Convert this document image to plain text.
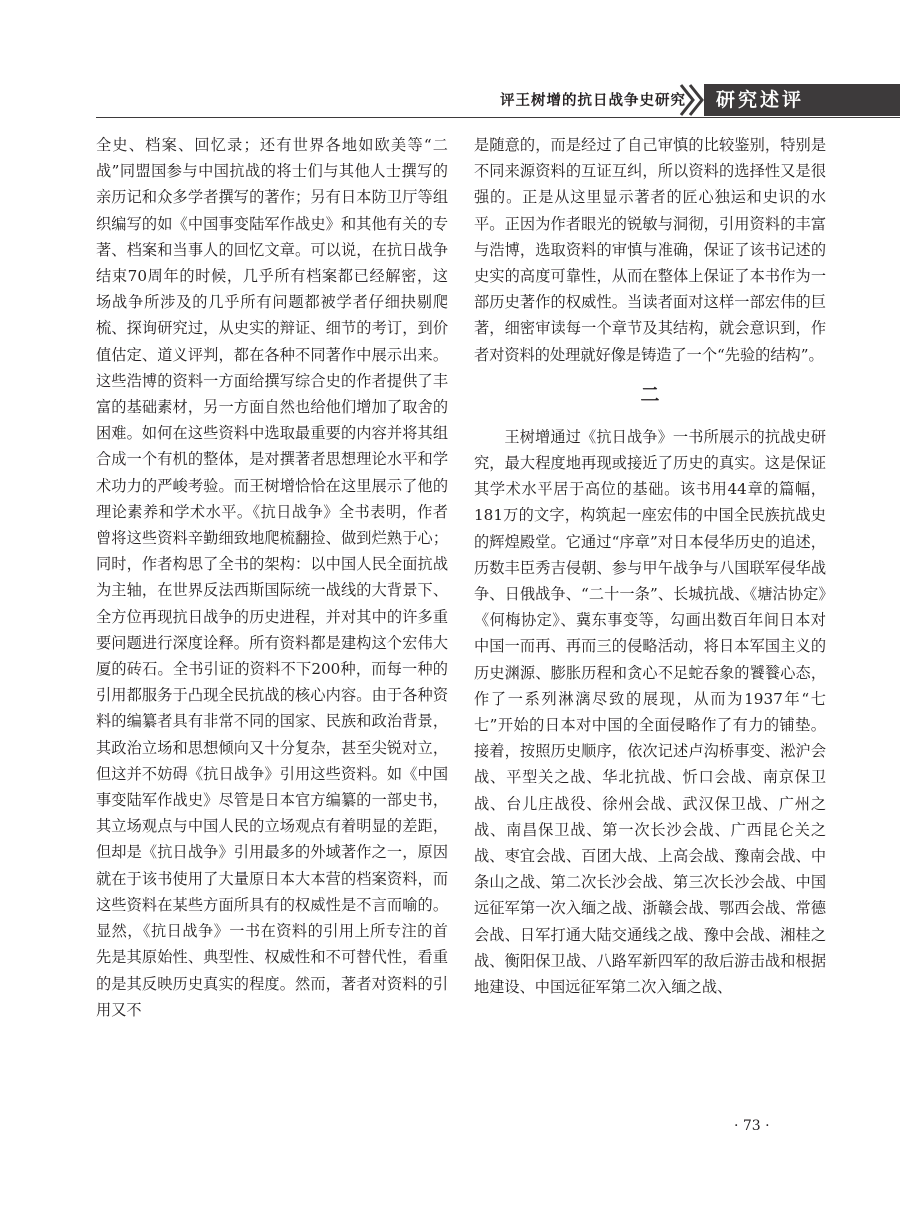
评王树增的抗日战争史研究	研究述评

全史、档案、回忆录；还有世界各地如欧美等“二战”同盟国参与中国抗战的将士们与其他人士撰写的亲历记和众多学者撰写的著作；另有日本防卫厅等组织编写的如《中国事变陆军作战史》和其他有关的专著、档案和当事人的回忆文章。可以说，在抗日战争结束70周年的时候，几乎所有档案都已经解密，这场战争所涉及的几乎所有问题都被学者仔细抉剔爬梳、探询研究过，从史实的辩证、细节的考订，到价值估定、道义评判，都在各种不同著作中展示出来。这些浩博的资料一方面给撰写综合史的作者提供了丰富的基础素材，另一方面自然也给他们增加了取舍的困难。如何在这些资料中选取最重要的内容并将其组合成一个有机的整体，是对撰著者思想理论水平和学术功力的严峻考验。而王树增恰恰在这里展示了他的理论素养和学术水平。《抗日战争》全书表明，作者曾将这些资料辛勤细致地爬梳翻捡、做到烂熟于心；同时，作者构思了全书的架构：以中国人民全面抗战为主轴，在世界反法西斯国际统一战线的大背景下、全方位再现抗日战争的历史进程，并对其中的许多重要问题进行深度诠释。所有资料都是建构这个宏伟大厦的砖石。全书引证的资料不下200种，而每一种的引用都服务于凸现全民抗战的核心内容。由于各种资料的编纂者具有非常不同的国家、民族和政治背景，其政治立场和思想倾向又十分复杂，甚至尖锐对立，但这并不妨碍《抗日战争》引用这些资料。如《中国事变陆军作战史》尽管是日本官方编纂的一部史书，其立场观点与中国人民的立场观点有着明显的差距，但却是《抗日战争》引用最多的外域著作之一，原因就在于该书使用了大量原日本大本营的档案资料，而这些资料在某些方面所具有的权威性是不言而喻的。显然，《抗日战争》一书在资料的引用上所专注的首先是其原始性、典型性、权威性和不可替代性，看重的是其反映历史真实的程度。然而，著者对资料的引用又不

是随意的，而是经过了自己审慎的比较鉴别，特别是不同来源资料的互证互纠，所以资料的选择性又是很强的。正是从这里显示著者的匠心独运和史识的水平。正因为作者眼光的锐敏与洞彻，引用资料的丰富与浩博，选取资料的审慎与准确，保证了该书记述的史实的高度可靠性，从而在整体上保证了本书作为一部历史著作的权威性。当读者面对这样一部宏伟的巨著，细密审读每一个章节及其结构，就会意识到，作者对资料的处理就好像是铸造了一个“先验的结构”。

二

王树增通过《抗日战争》一书所展示的抗战史研究，最大程度地再现或接近了历史的真实。这是保证其学术水平居于高位的基础。该书用44章的篇幅，181万的文字，构筑起一座宏伟的中国全民族抗战史的辉煌殿堂。它通过“序章”对日本侵华历史的追述，历数丰臣秀吉侵朝、参与甲午战争与八国联军侵华战争、日俄战争、“二十一条”、长城抗战、《塘沽协定》《何梅协定》、冀东事变等，勾画出数百年间日本对中国一而再、再而三的侵略活动，将日本军国主义的历史渊源、膨胀历程和贪心不足蛇吞象的饕餮心态，作了一系列淋漓尽致的展现，从而为1937年“七七”开始的日本对中国的全面侵略作了有力的铺垫。接着，按照历史顺序，依次记述卢沟桥事变、淞沪会战、平型关之战、华北抗战、忻口会战、南京保卫战、台儿庄战役、徐州会战、武汉保卫战、广州之战、南昌保卫战、第一次长沙会战、广西昆仑关之战、枣宜会战、百团大战、上高会战、豫南会战、中条山之战、第二次长沙会战、第三次长沙会战、中国远征军第一次入缅之战、浙赣会战、鄂西会战、常德会战、日军打通大陆交通线之战、豫中会战、湘桂之战、衡阳保卫战、八路军新四军的敌后游击战和根据地建设、中国远征军第二次入缅之战、

· 73 ·
